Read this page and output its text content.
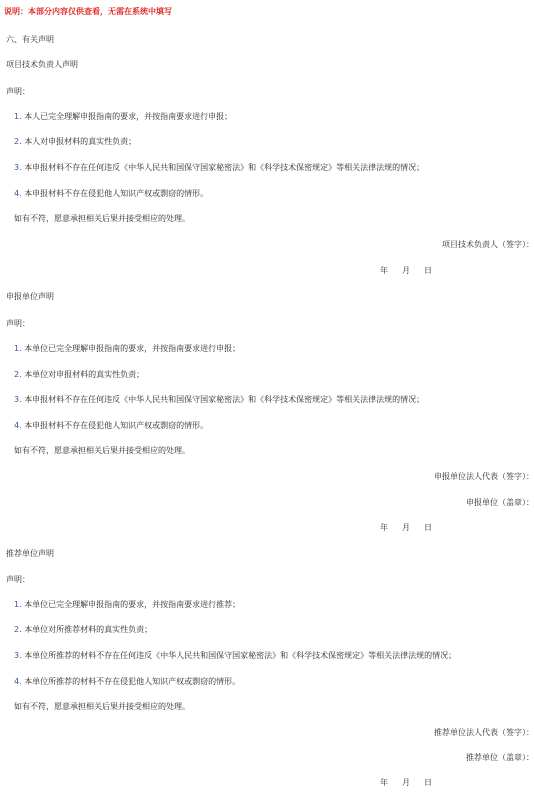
说明：本部分内容仅供查看，无需在系统中填写
六、有关声明
项目技术负责人声明
声明：
1. 本人已完全理解申报指南的要求，并按指南要求进行申报；
2. 本人对申报材料的真实性负责；
3. 本申报材料不存在任何违反《中华人民共和国保守国家秘密法》和《科学技术保密规定》等相关法律法规的情况；
4. 本申报材料不存在侵犯他人知识产权或剽窃的情形。
如有不符，愿意承担相关后果并接受相应的处理。
项目技术负责人（签字）：
年 月 日
申报单位声明
声明：
1. 本单位已完全理解申报指南的要求，并按指南要求进行申报；
2. 本单位对申报材料的真实性负责；
3. 本申报材料不存在任何违反《中华人民共和国保守国家秘密法》和《科学技术保密规定》等相关法律法规的情况；
4. 本申报材料不存在侵犯他人知识产权或剽窃的情形。
如有不符，愿意承担相关后果并接受相应的处理。
申报单位法人代表（签字）：
申报单位（盖章）：
年 月 日
推荐单位声明
声明：
1. 本单位已完全理解申报指南的要求，并按指南要求进行推荐；
2. 本单位对所推荐材料的真实性负责；
3. 本单位所推荐的材料不存在任何违反《中华人民共和国保守国家秘密法》和《科学技术保密规定》等相关法律法规的情况；
4. 本单位所推荐的材料不存在侵犯他人知识产权或剽窃的情形。
如有不符，愿意承担相关后果并接受相应的处理。
推荐单位法人代表（签字）：
推荐单位（盖章）：
年 月 日
